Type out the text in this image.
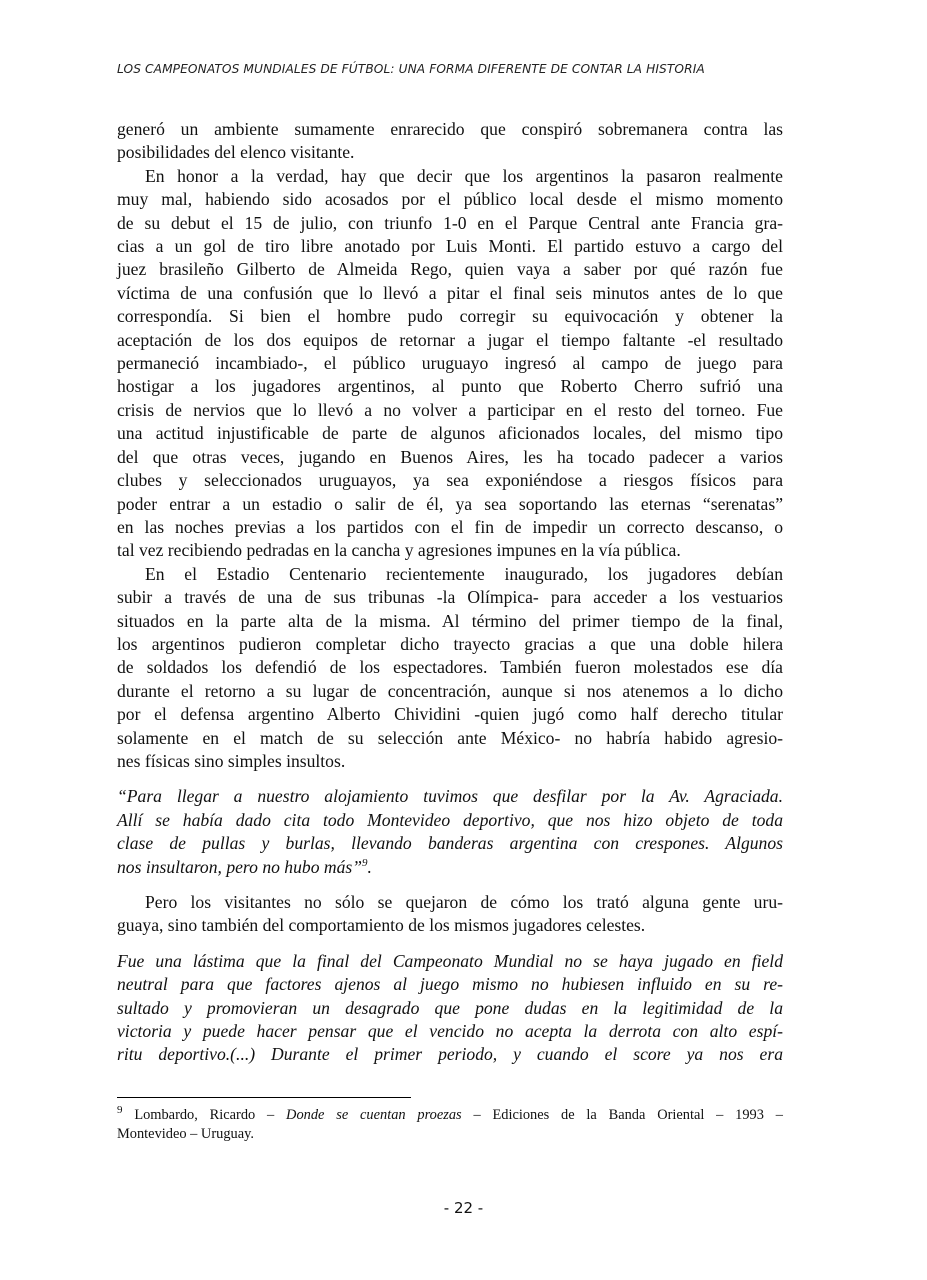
LOS CAMPEONATOS MUNDIALES DE FÚTBOL: UNA FORMA DIFERENTE DE CONTAR LA HISTORIA
generó un ambiente sumamente enrarecido que conspiró sobremanera contra las
posibilidades del elenco visitante.
En honor a la verdad, hay que decir que los argentinos la pasaron realmente
muy mal, habiendo sido acosados por el público local desde el mismo momento
de su debut el 15 de julio, con triunfo 1-0 en el Parque Central ante Francia gra-
cias a un gol de tiro libre anotado por Luis Monti. El partido estuvo a cargo del
juez brasileño Gilberto de Almeida Rego, quien vaya a saber por qué razón fue
víctima de una confusión que lo llevó a pitar el final seis minutos antes de lo que
correspondía. Si bien el hombre pudo corregir su equivocación y obtener la
aceptación de los dos equipos de retornar a jugar el tiempo faltante -el resultado
permaneció incambiado-, el público uruguayo ingresó al campo de juego para
hostigar a los jugadores argentinos, al punto que Roberto Cherro sufrió una
crisis de nervios que lo llevó a no volver a participar en el resto del torneo. Fue
una actitud injustificable de parte de algunos aficionados locales, del mismo tipo
del que otras veces, jugando en Buenos Aires, les ha tocado padecer a varios
clubes y seleccionados uruguayos, ya sea exponiéndose a riesgos físicos para
poder entrar a un estadio o salir de él, ya sea soportando las eternas “serenatas”
en las noches previas a los partidos con el fin de impedir un correcto descanso, o
tal vez recibiendo pedradas en la cancha y agresiones impunes en la vía pública.
En el Estadio Centenario recientemente inaugurado, los jugadores debían
subir a través de una de sus tribunas -la Olímpica- para acceder a los vestuarios
situados en la parte alta de la misma. Al término del primer tiempo de la final,
los argentinos pudieron completar dicho trayecto gracias a que una doble hilera
de soldados los defendió de los espectadores. También fueron molestados ese día
durante el retorno a su lugar de concentración, aunque si nos atenemos a lo dicho
por el defensa argentino Alberto Chividini -quien jugó como half derecho titular
solamente en el match de su selección ante México- no habría habido agresio-
nes físicas sino simples insultos.
“Para llegar a nuestro alojamiento tuvimos que desfilar por la Av. Agraciada.
Allí se había dado cita todo Montevideo deportivo, que nos hizo objeto de toda
clase de pullas y burlas, llevando banderas argentina con crespones. Algunos
nos insultaron, pero no hubo más”$^9$.
Pero los visitantes no sólo se quejaron de cómo los trató alguna gente uru-
guaya, sino también del comportamiento de los mismos jugadores celestes.
Fue una lástima que la final del Campeonato Mundial no se haya jugado en field
neutral para que factores ajenos al juego mismo no hubiesen influido en su re-
sultado y promovieran un desagrado que pone dudas en la legitimidad de la
victoria y puede hacer pensar que el vencido no acepta la derrota con alto espí-
ritu deportivo.(...) Durante el primer periodo, y cuando el score ya nos era
$^9$ Lombardo, Ricardo – Donde se cuentan proezas – Ediciones de la Banda Oriental – 1993 –
Montevideo – Uruguay.
- 22 -
